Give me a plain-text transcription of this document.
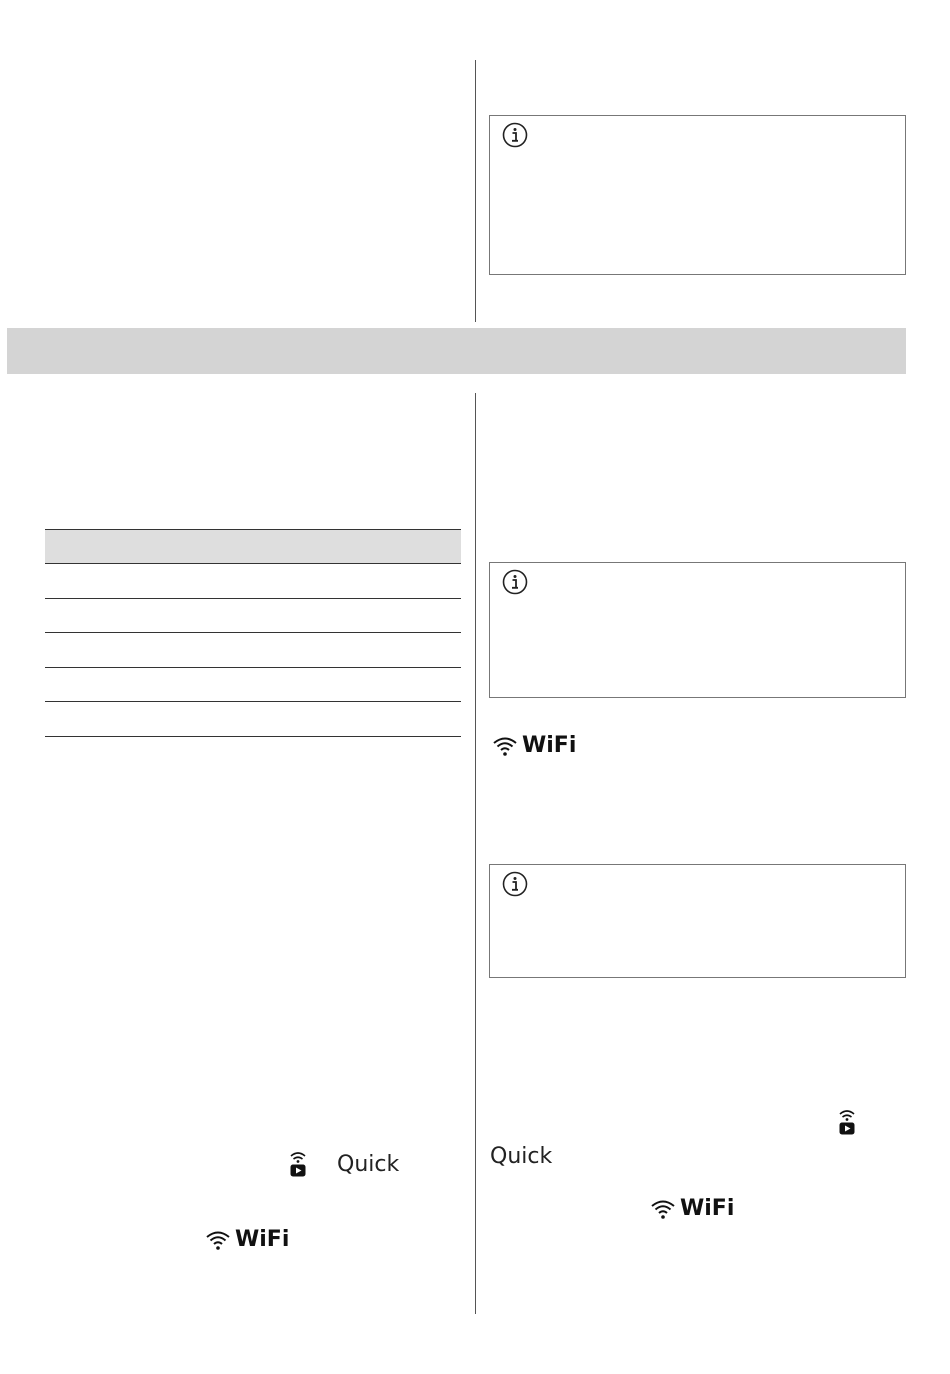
WiFi
Quick
WiFi
Quick
WiFi
